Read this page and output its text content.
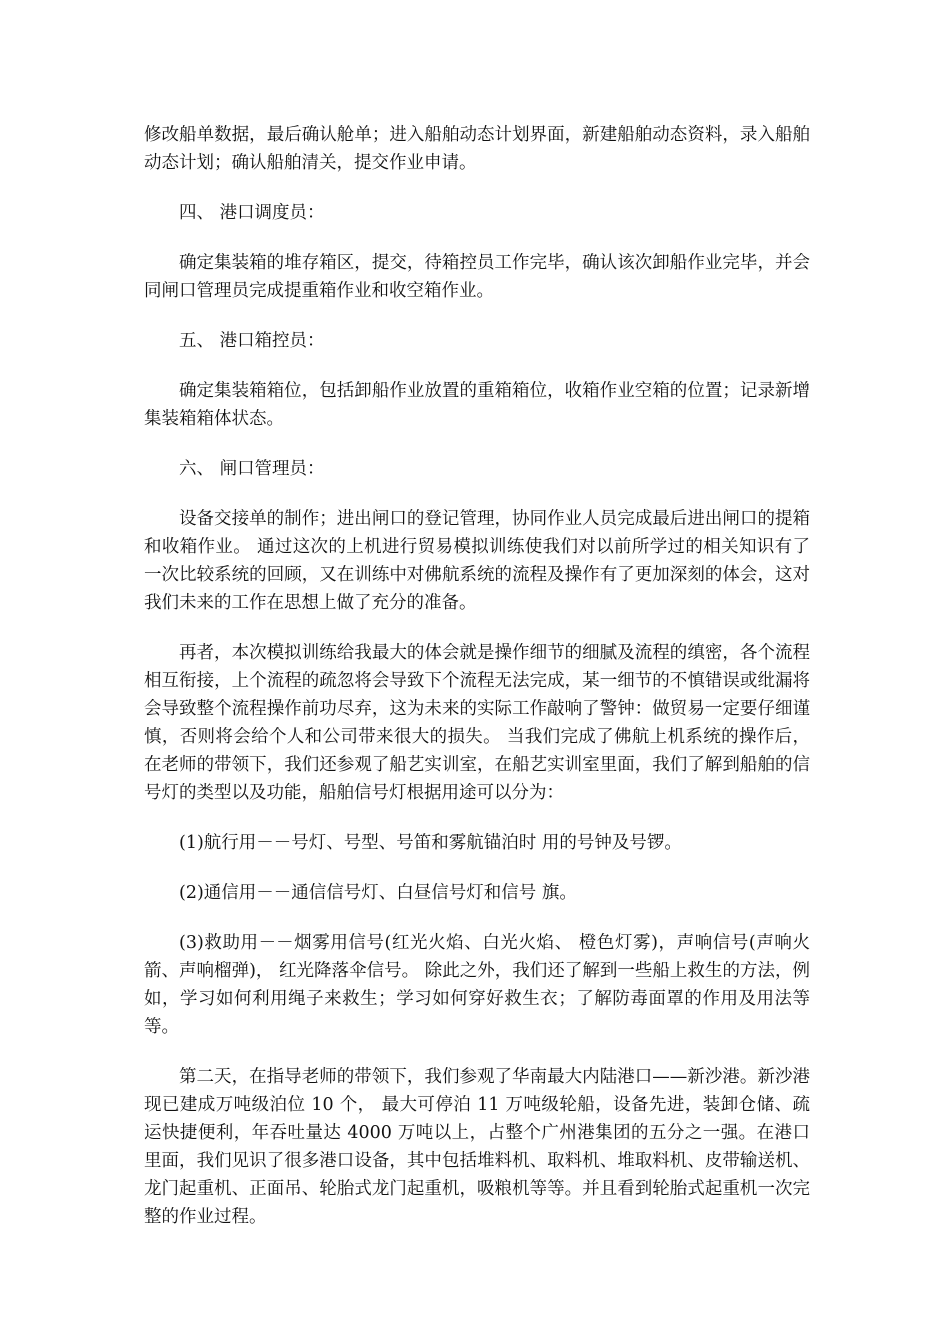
修改船单数据，最后确认舱单；进入船舶动态计划界面，新建船舶动态资料，录入船舶动态计划；确认船舶清关，提交作业申请。

四、 港口调度员：

确定集装箱的堆存箱区，提交，待箱控员工作完毕，确认该次卸船作业完毕，并会同闸口管理员完成提重箱作业和收空箱作业。

五、 港口箱控员：

确定集装箱箱位，包括卸船作业放置的重箱箱位，收箱作业空箱的位置；记录新增集装箱箱体状态。

六、 闸口管理员：

设备交接单的制作；进出闸口的登记管理，协同作业人员完成最后进出闸口的提箱和收箱作业。 通过这次的上机进行贸易模拟训练使我们对以前所学过的相关知识有了一次比较系统的回顾，又在训练中对佛航系统的流程及操作有了更加深刻的体会，这对我们未来的工作在思想上做了充分的准备。

再者，本次模拟训练给我最大的体会就是操作细节的细腻及流程的缜密，各个流程相互衔接，上个流程的疏忽将会导致下个流程无法完成，某一细节的不慎错误或纰漏将会导致整个流程操作前功尽弃，这为未来的实际工作敲响了警钟：做贸易一定要仔细谨慎，否则将会给个人和公司带来很大的损失。 当我们完成了佛航上机系统的操作后，在老师的带领下，我们还参观了船艺实训室，在船艺实训室里面，我们了解到船舶的信号灯的类型以及功能，船舶信号灯根据用途可以分为：

(1)航行用－－号灯、号型、号笛和雾航锚泊时 用的号钟及号锣。

(2)通信用－－通信信号灯、白昼信号灯和信号 旗。

(3)救助用－－烟雾用信号(红光火焰、白光火焰、 橙色灯雾)，声响信号(声响火箭、声响榴弹)， 红光降落伞信号。 除此之外，我们还了解到一些船上救生的方法，例如，学习如何利用绳子来救生；学习如何穿好救生衣；了解防毒面罩的作用及用法等等。

第二天，在指导老师的带领下，我们参观了华南最大内陆港口——新沙港。新沙港现已建成万吨级泊位 10 个， 最大可停泊 11 万吨级轮船，设备先进，装卸仓储、疏运快捷便利，年吞吐量达 4000 万吨以上，占整个广州港集团的五分之一强。在港口里面，我们见识了很多港口设备，其中包括堆料机、取料机、堆取料机、皮带输送机、龙门起重机、正面吊、轮胎式龙门起重机，吸粮机等等。并且看到轮胎式起重机一次完整的作业过程。
